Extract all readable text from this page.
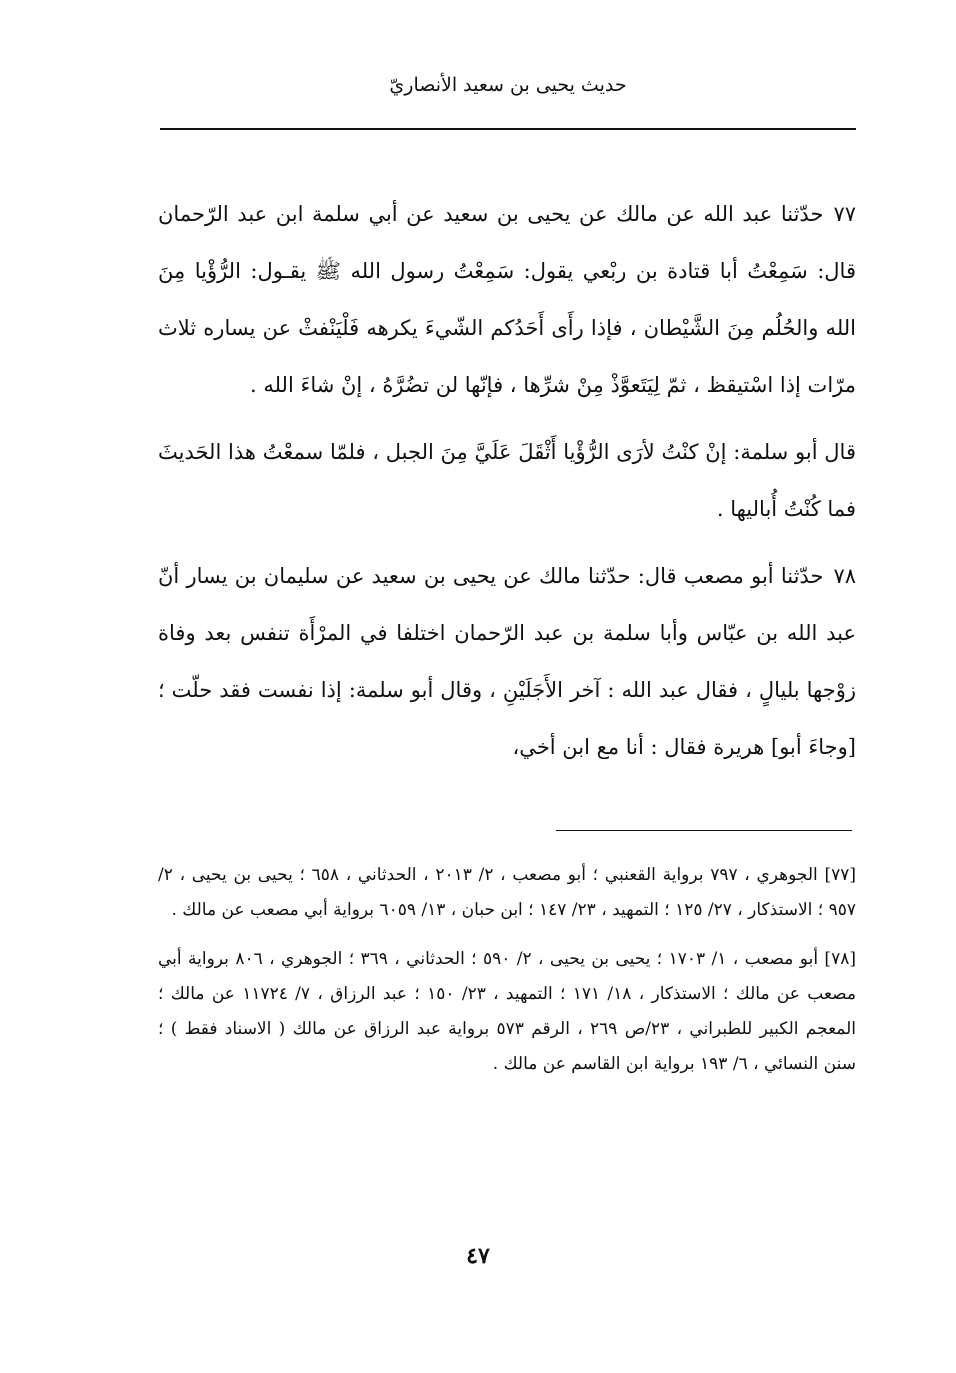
حديث يحيى بن سعيد الأنصاريّ

٧٧حدّثنا عبد الله عن مالك عن يحيى بن سعيد عن أبي سلمة ابن عبد الرّحمان قال: سَمِعْتُ أبا قتادة بن ربْعي يقول: سَمِعْتُ رسول الله ﷺ يقـول: الرُّؤْيا مِنَ الله والحُلُم مِنَ الشَّيْطان ، فإذا رأَى أَحَدُكم الشّيءَ يكرهه فَلْيَنْفثْ عن يساره ثلاث مرّات إذا اسْتيقظ ، ثمّ لِيَتَعوَّذْ مِنْ شرِّها ، فإنّها لن تضُرَّهُ ، إنْ شاءَ الله .

قال أبو سلمة: إنْ كنْتُ لأرَى الرُّؤْيا أَثْقَلَ عَلَيَّ مِنَ الجبل ، فلمّا سمعْتُ هذا الحَديثَ فما كُنْتُ أُباليها .

٧٨حدّثنا أبو مصعب قال: حدّثنا مالك عن يحيى بن سعيد عن سليمان بن يسار أنّ عبد الله بن عبّاس وأبا سلمة بن عبد الرّحمان اختلفا في المرْأَة تنفس بعد وفاة زوْجها بليالٍ ، فقال عبد الله : آخر الأَجَلَيْنِ ، وقال أبو سلمة: إذا نفست فقد حلّت ؛ [وجاءَ أبو] هريرة فقال : أنا مع ابن أخي،

[٧٧] الجوهري ، ٧٩٧ برواية القعنبي ؛ أبو مصعب ، ٢/ ٢٠١٣ ، الحدثاني ، ٦٥٨ ؛ يحيى بن يحيى ، ٢/ ٩٥٧ ؛ الاستذكار ، ٢٧/ ١٢٥ ؛ التمهيد ، ٢٣/ ١٤٧ ؛ ابن حبان ، ١٣/ ٦٠٥٩ برواية أبي مصعب عن مالك .

[٧٨] أبو مصعب ، ١/ ١٧٠٣ ؛ يحيى بن يحيى ، ٢/ ٥٩٠ ؛ الحدثاني ، ٣٦٩ ؛ الجوهري ، ٨٠٦ برواية أبي مصعب عن مالك ؛ الاستذكار ، ١٨/ ١٧١ ؛ التمهيد ، ٢٣/ ١٥٠ ؛ عبد الرزاق ، ٧/ ١١٧٢٤ عن مالك ؛ المعجم الكبير للطبراني ، ٢٣/ص ٢٦٩ ، الرقم ٥٧٣ برواية عبد الرزاق عن مالك ( الاسناد فقط ) ؛ سنن النسائي ، ٦/ ١٩٣ برواية ابن القاسم عن مالك .

٤٧
